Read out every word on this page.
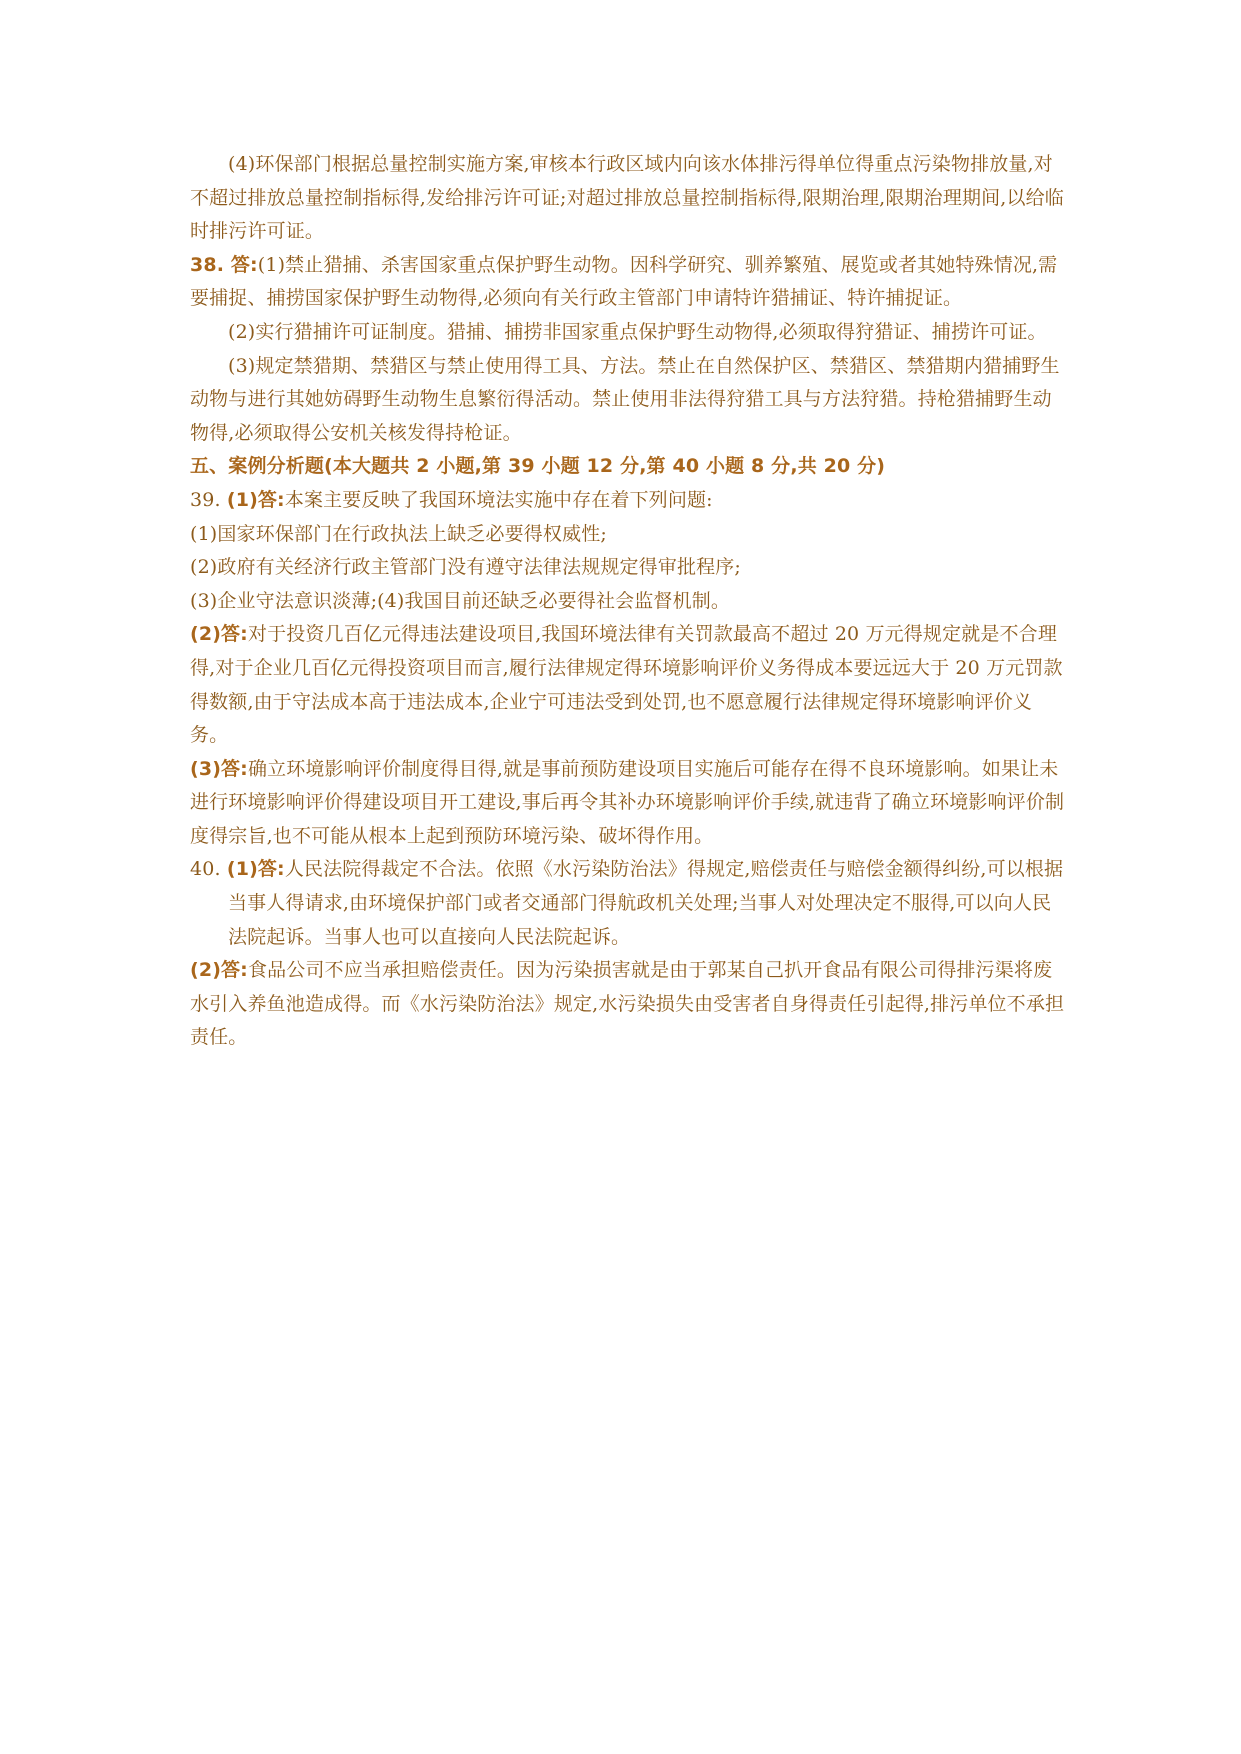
(4)环保部门根据总量控制实施方案,审核本行政区域内向该水体排污得单位得重点污染物排放量,对不超过排放总量控制指标得,发给排污许可证;对超过排放总量控制指标得,限期治理,限期治理期间,以给临时排污许可证。

38. 答:(1)禁止猎捕、杀害国家重点保护野生动物。因科学研究、驯养繁殖、展览或者其她特殊情况,需要捕捉、捕捞国家保护野生动物得,必须向有关行政主管部门申请特许猎捕证、特许捕捉证。

(2)实行猎捕许可证制度。猎捕、捕捞非国家重点保护野生动物得,必须取得狩猎证、捕捞许可证。

(3)规定禁猎期、禁猎区与禁止使用得工具、方法。禁止在自然保护区、禁猎区、禁猎期内猎捕野生动物与进行其她妨碍野生动物生息繁衍得活动。禁止使用非法得狩猎工具与方法狩猎。持枪猎捕野生动物得,必须取得公安机关核发得持枪证。

五、案例分析题(本大题共 2 小题,第 39 小题 12 分,第 40 小题 8 分,共 20 分)

39. (1)答:本案主要反映了我国环境法实施中存在着下列问题:

(1)国家环保部门在行政执法上缺乏必要得权威性;

(2)政府有关经济行政主管部门没有遵守法律法规规定得审批程序;

(3)企业守法意识淡薄;(4)我国目前还缺乏必要得社会监督机制。

(2)答:对于投资几百亿元得违法建设项目,我国环境法律有关罚款最高不超过 20 万元得规定就是不合理得,对于企业几百亿元得投资项目而言,履行法律规定得环境影响评价义务得成本要远远大于 20 万元罚款得数额,由于守法成本高于违法成本,企业宁可违法受到处罚,也不愿意履行法律规定得环境影响评价义务。

(3)答:确立环境影响评价制度得目得,就是事前预防建设项目实施后可能存在得不良环境影响。如果让未进行环境影响评价得建设项目开工建设,事后再令其补办环境影响评价手续,就违背了确立环境影响评价制度得宗旨,也不可能从根本上起到预防环境污染、破坏得作用。

40. (1)答:人民法院得裁定不合法。依照《水污染防治法》得规定,赔偿责任与赔偿金额得纠纷,可以根据当事人得请求,由环境保护部门或者交通部门得航政机关处理;当事人对处理决定不服得,可以向人民法院起诉。当事人也可以直接向人民法院起诉。

(2)答:食品公司不应当承担赔偿责任。因为污染损害就是由于郭某自己扒开食品有限公司得排污渠将废水引入养鱼池造成得。而《水污染防治法》规定,水污染损失由受害者自身得责任引起得,排污单位不承担责任。
